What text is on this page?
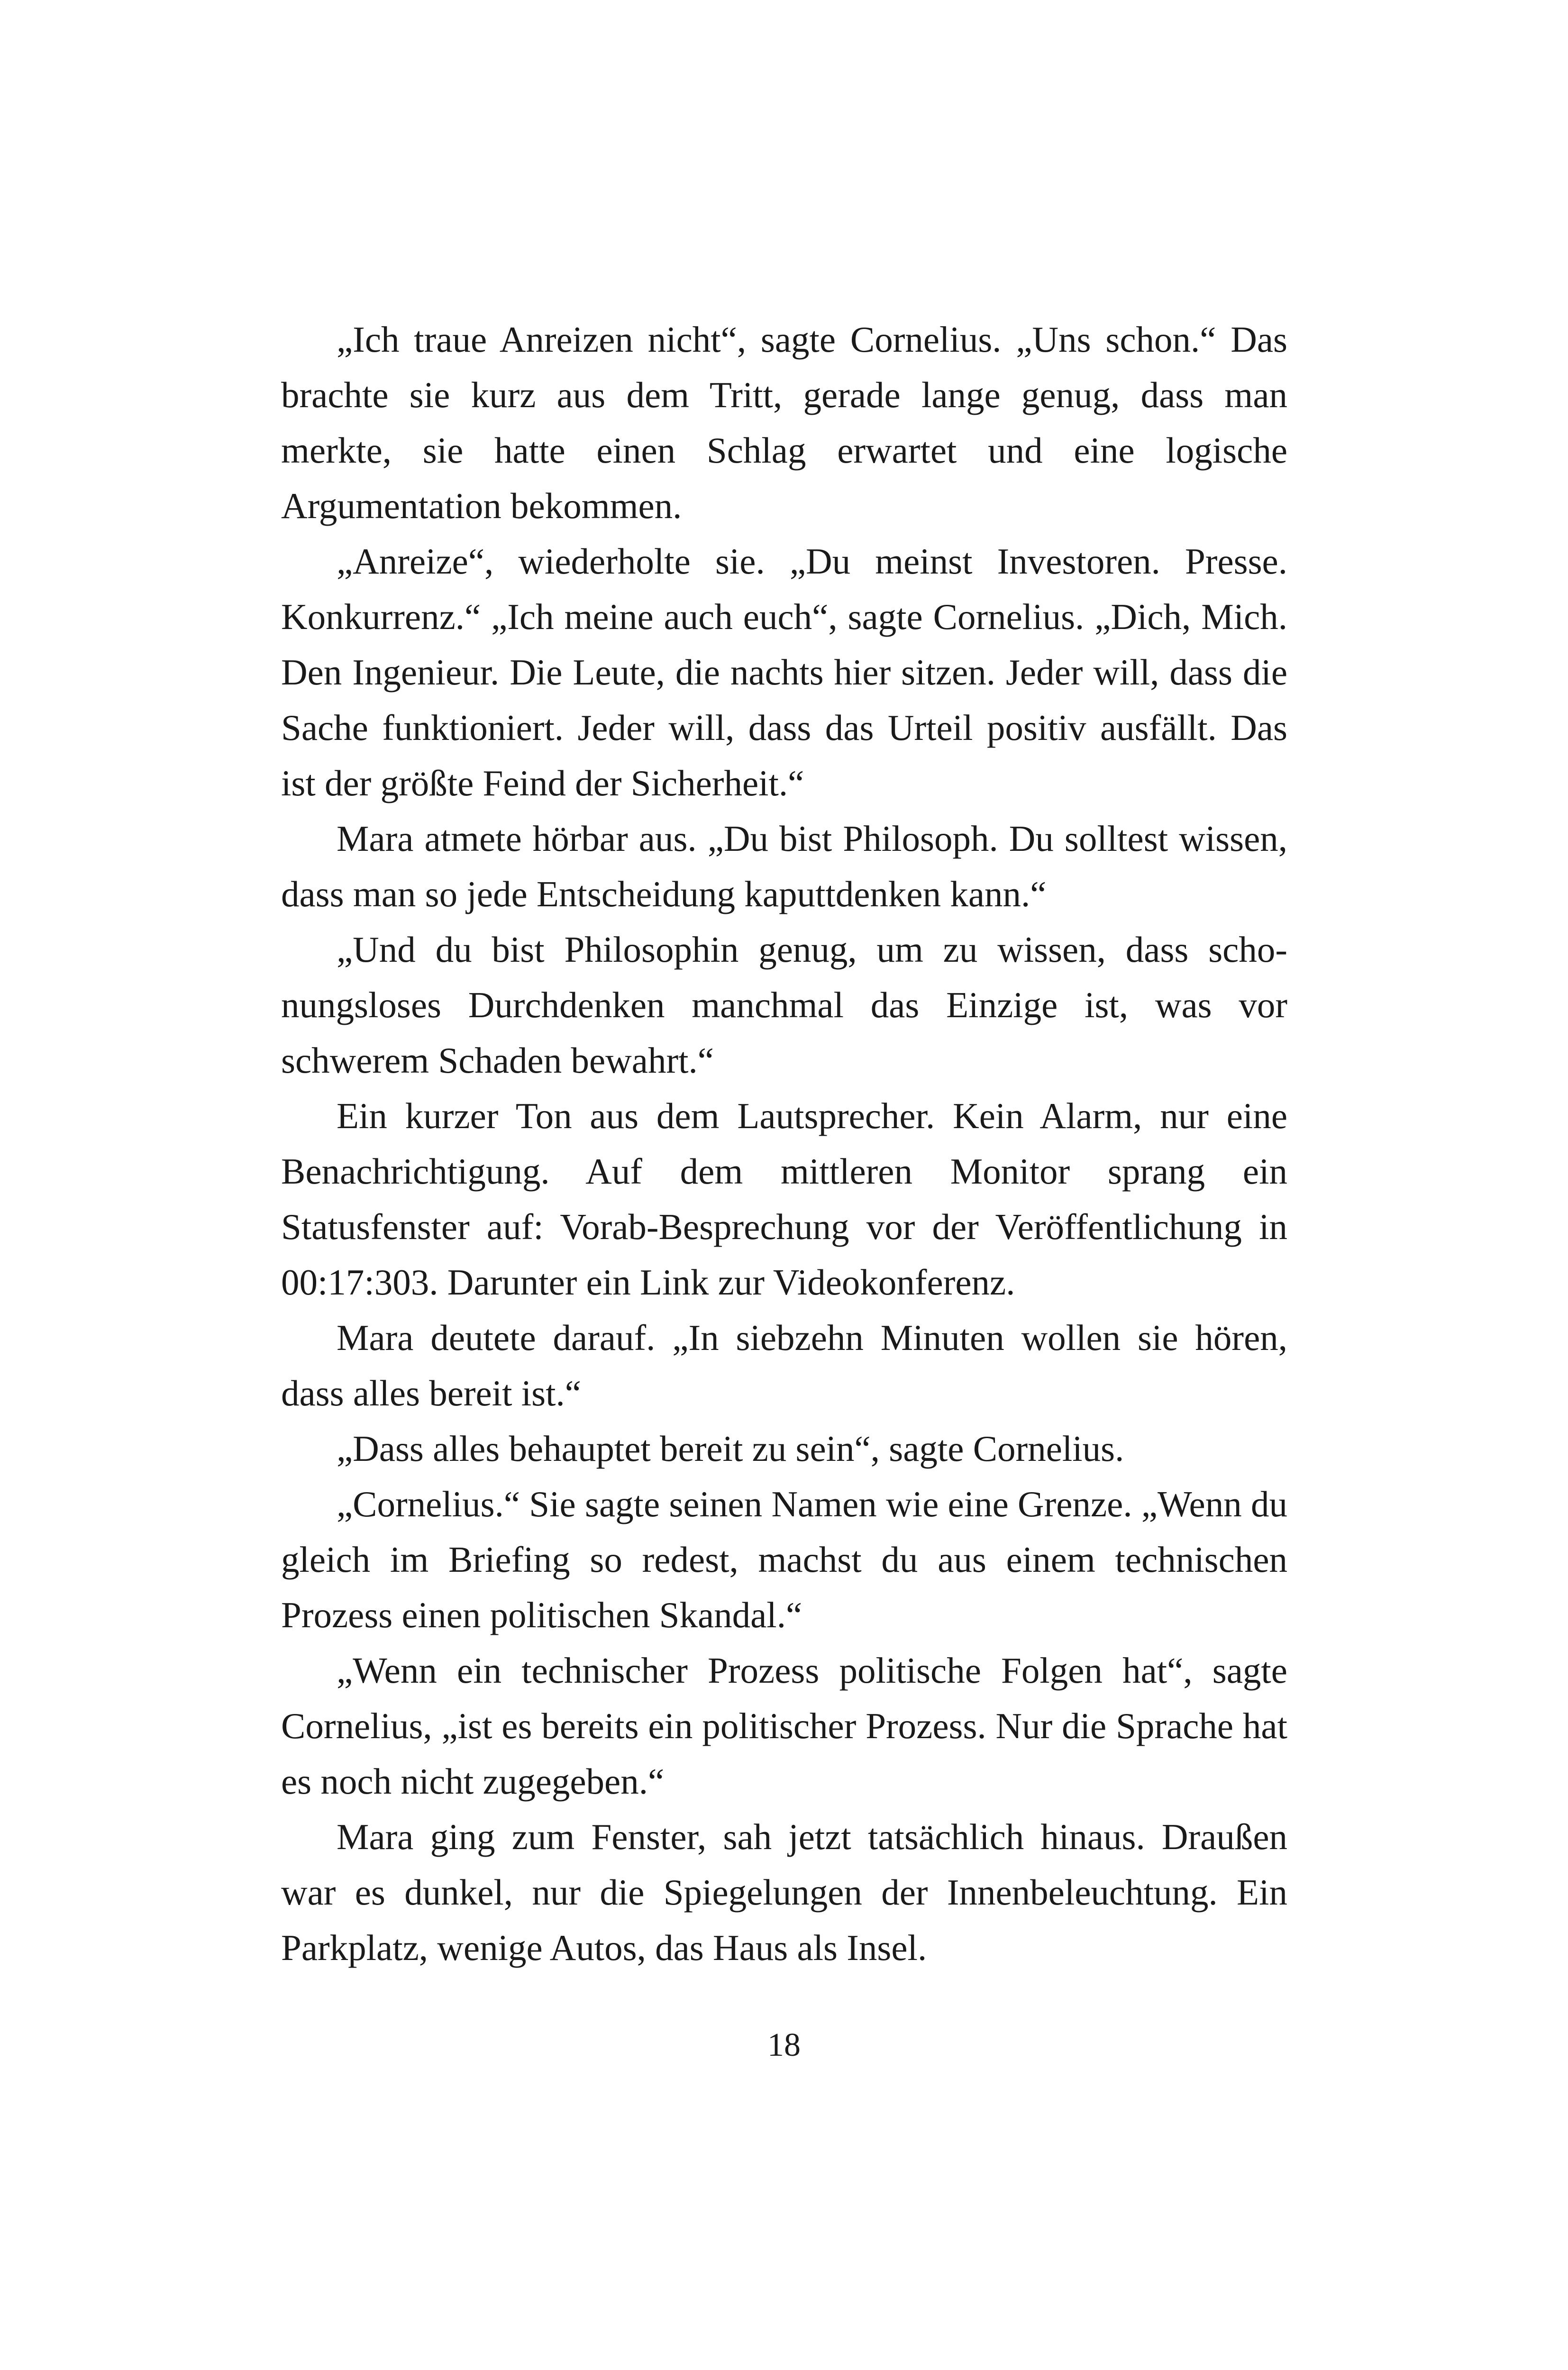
„Ich traue Anreizen nicht“, sagte Cornelius. „Uns schon.“ Das brachte sie kurz aus dem Tritt, gerade lange genug, dass man merkte, sie hatte einen Schlag erwartet und eine logische Argumentation bekommen.

„Anreize“, wiederholte sie. „Du meinst Investoren. Presse. Konkurrenz.“ „Ich meine auch euch“, sagte Cornelius. „Dich, Mich. Den Ingenieur. Die Leute, die nachts hier sitzen. Jeder will, dass die Sache funktioniert. Jeder will, dass das Urteil positiv ausfällt. Das ist der größte Feind der Sicherheit.“

Mara atmete hörbar aus. „Du bist Philosoph. Du solltest wissen, dass man so jede Entscheidung kaputtdenken kann.“

„Und du bist Philosophin genug, um zu wissen, dass schonungsloses Durchdenken manchmal das Einzige ist, was vor schwerem Schaden bewahrt.“

Ein kurzer Ton aus dem Lautsprecher. Kein Alarm, nur eine Benachrichtigung. Auf dem mittleren Monitor sprang ein Statusfenster auf: Vorab-Besprechung vor der Veröffentlichung in 00:17:303. Darunter ein Link zur Videokonferenz.

Mara deutete darauf. „In siebzehn Minuten wollen sie hören, dass alles bereit ist.“

„Dass alles behauptet bereit zu sein“, sagte Cornelius.

„Cornelius.“ Sie sagte seinen Namen wie eine Grenze. „Wenn du gleich im Briefing so redest, machst du aus einem technischen Prozess einen politischen Skandal.“

„Wenn ein technischer Prozess politische Folgen hat“, sagte Cornelius, „ist es bereits ein politischer Prozess. Nur die Sprache hat es noch nicht zugegeben.“

Mara ging zum Fenster, sah jetzt tatsächlich hinaus. Draußen war es dunkel, nur die Spiegelungen der Innenbeleuchtung. Ein Parkplatz, wenige Autos, das Haus als Insel.

18
